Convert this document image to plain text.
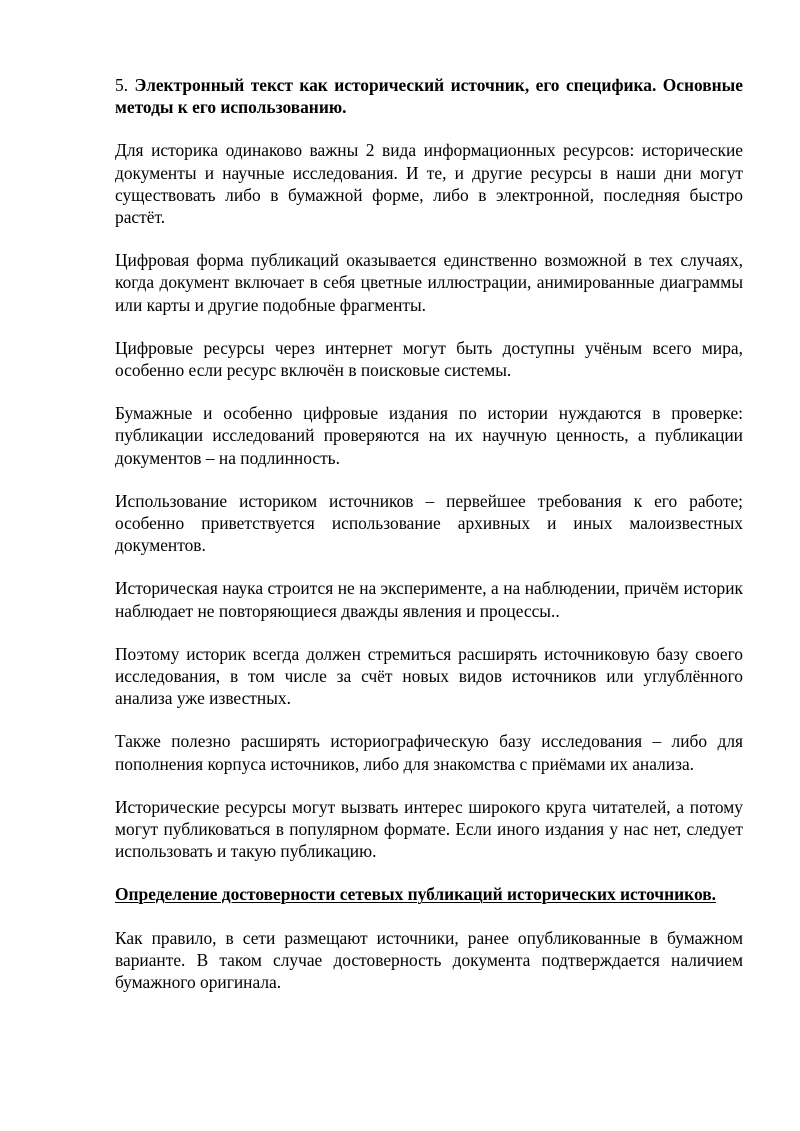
5. Электронный текст как исторический источник, его специфика. Основные методы к его использованию.

Для историка одинаково важны 2 вида информационных ресурсов: исторические документы и научные исследования. И те, и другие ресурсы в наши дни могут существовать либо в бумажной форме, либо в электронной, последняя быстро растёт.

Цифровая форма публикаций оказывается единственно возможной в тех случаях, когда документ включает в себя цветные иллюстрации, анимированные диаграммы или карты и другие подобные фрагменты.

Цифровые ресурсы через интернет могут быть доступны учёным всего мира, особенно если ресурс включён в поисковые системы.

Бумажные и особенно цифровые издания по истории нуждаются в проверке: публикации исследований проверяются на их научную ценность, а публикации документов – на подлинность.

Использование историком источников – первейшее требования к его работе; особенно приветствуется использование архивных и иных малоизвестных документов.

Историческая наука строится не на эксперименте, а на наблюдении, причём историк наблюдает не повторяющиеся дважды явления и процессы..

Поэтому историк всегда должен стремиться расширять источниковую базу своего исследования, в том числе за счёт новых видов источников или углублённого анализа уже известных.

Также полезно расширять историографическую базу исследования – либо для пополнения корпуса источников, либо для знакомства с приёмами их анализа.

Исторические ресурсы могут вызвать интерес широкого круга читателей, а потому могут публиковаться в популярном формате. Если иного издания у нас нет, следует использовать и такую публикацию.

Определение достоверности сетевых публикаций исторических источников.

Как правило, в сети размещают источники, ранее опубликованные в бумажном варианте. В таком случае достоверность документа подтверждается наличием бумажного оригинала.
